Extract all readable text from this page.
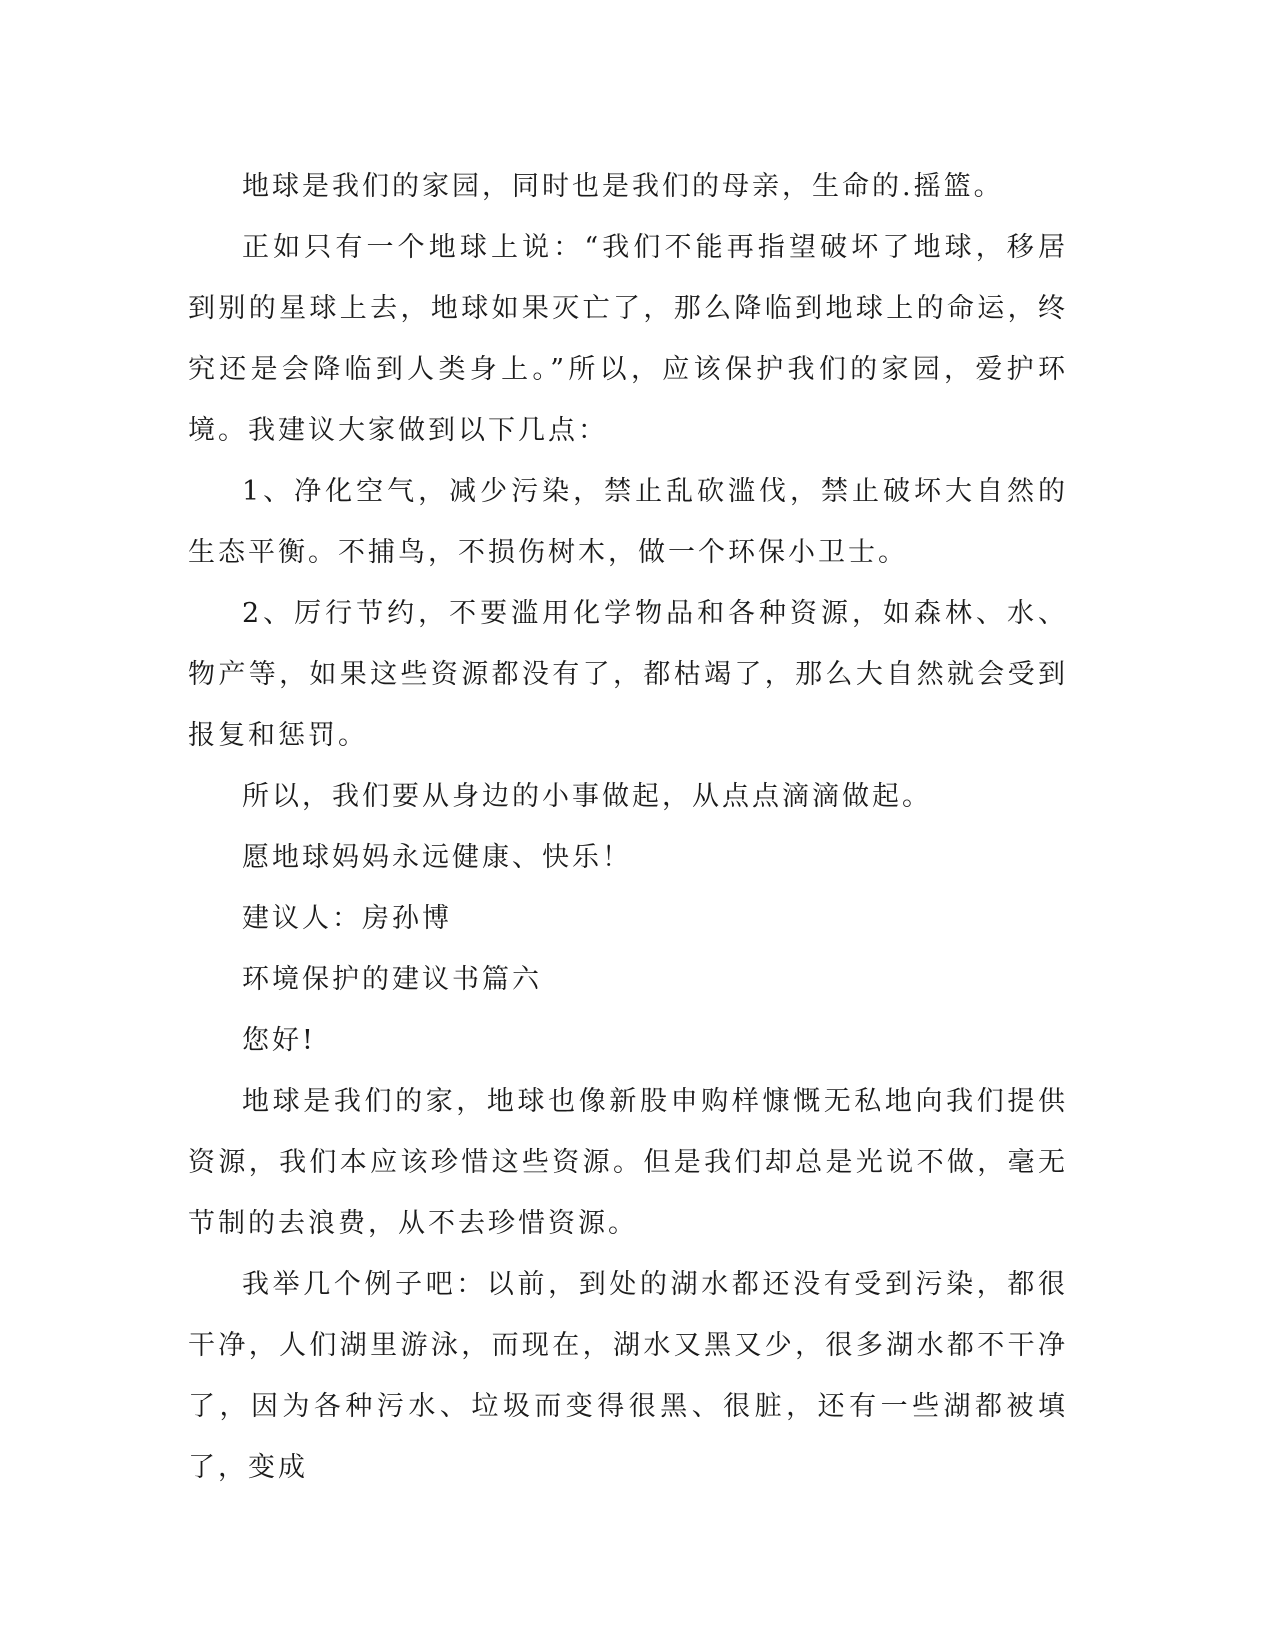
地球是我们的家园，同时也是我们的母亲，生命的.摇篮。

正如只有一个地球上说：“我们不能再指望破坏了地球，移居到别的星球上去，地球如果灭亡了，那么降临到地球上的命运，终究还是会降临到人类身上。”所以，应该保护我们的家园，爱护环境。我建议大家做到以下几点：

1、净化空气，减少污染，禁止乱砍滥伐，禁止破坏大自然的生态平衡。不捕鸟，不损伤树木，做一个环保小卫士。

2、厉行节约，不要滥用化学物品和各种资源，如森林、水、物产等，如果这些资源都没有了，都枯竭了，那么大自然就会受到报复和惩罚。

所以，我们要从身边的小事做起，从点点滴滴做起。

愿地球妈妈永远健康、快乐！

建议人：房孙博

环境保护的建议书篇六

您好!

地球是我们的家，地球也像新股申购样慷慨无私地向我们提供资源，我们本应该珍惜这些资源。但是我们却总是光说不做，毫无节制的去浪费，从不去珍惜资源。

我举几个例子吧：以前，到处的湖水都还没有受到污染，都很干净，人们湖里游泳，而现在，湖水又黑又少，很多湖水都不干净了，因为各种污水、垃圾而变得很黑、很脏，还有一些湖都被填了，变成
